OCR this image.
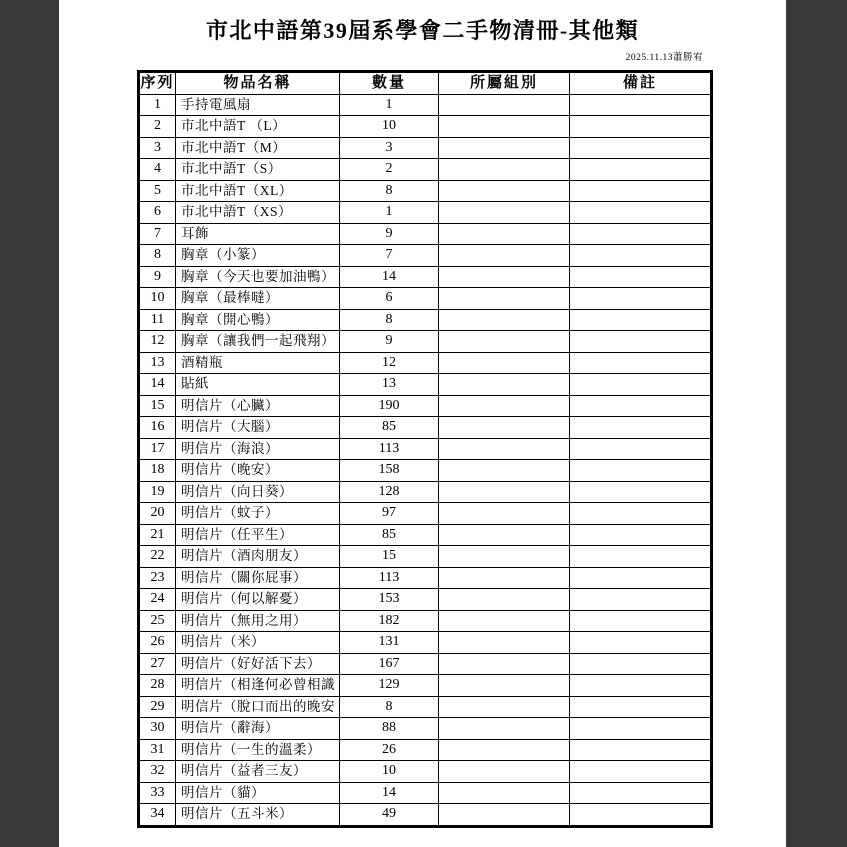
市北中語第39屆系學會二手物清冊-其他類
2025.11.13蕭勝宥
序列	物品名稱	數量	所屬組別	備註
1	手持電風扇	1		
2	市北中語T （L）	10		
3	市北中語T（M）	3		
4	市北中語T（S）	2		
5	市北中語T（XL）	8		
6	市北中語T（XS）	1		
7	耳飾	9		
8	胸章（小篆）	7		
9	胸章（今天也要加油鴨）	14		
10	胸章（最棒噠）	6		
11	胸章（開心鴨）	8		
12	胸章（讓我們一起飛翔）	9		
13	酒精瓶	12		
14	貼紙	13		
15	明信片（心臟）	190		
16	明信片（大腦）	85		
17	明信片（海浪）	113		
18	明信片（晚安）	158		
19	明信片（向日葵）	128		
20	明信片（蚊子）	97		
21	明信片（任平生）	85		
22	明信片（酒肉朋友）	15		
23	明信片（關你屁事）	113		
24	明信片（何以解憂）	153		
25	明信片（無用之用）	182		
26	明信片（米）	131		
27	明信片（好好活下去）	167		
28	明信片（相逢何必曾相識	129		
29	明信片（脫口而出的晚安	8		
30	明信片（辭海）	88		
31	明信片（一生的溫柔）	26		
32	明信片（益者三友）	10		
33	明信片（貓）	14		
34	明信片（五斗米）	49		
